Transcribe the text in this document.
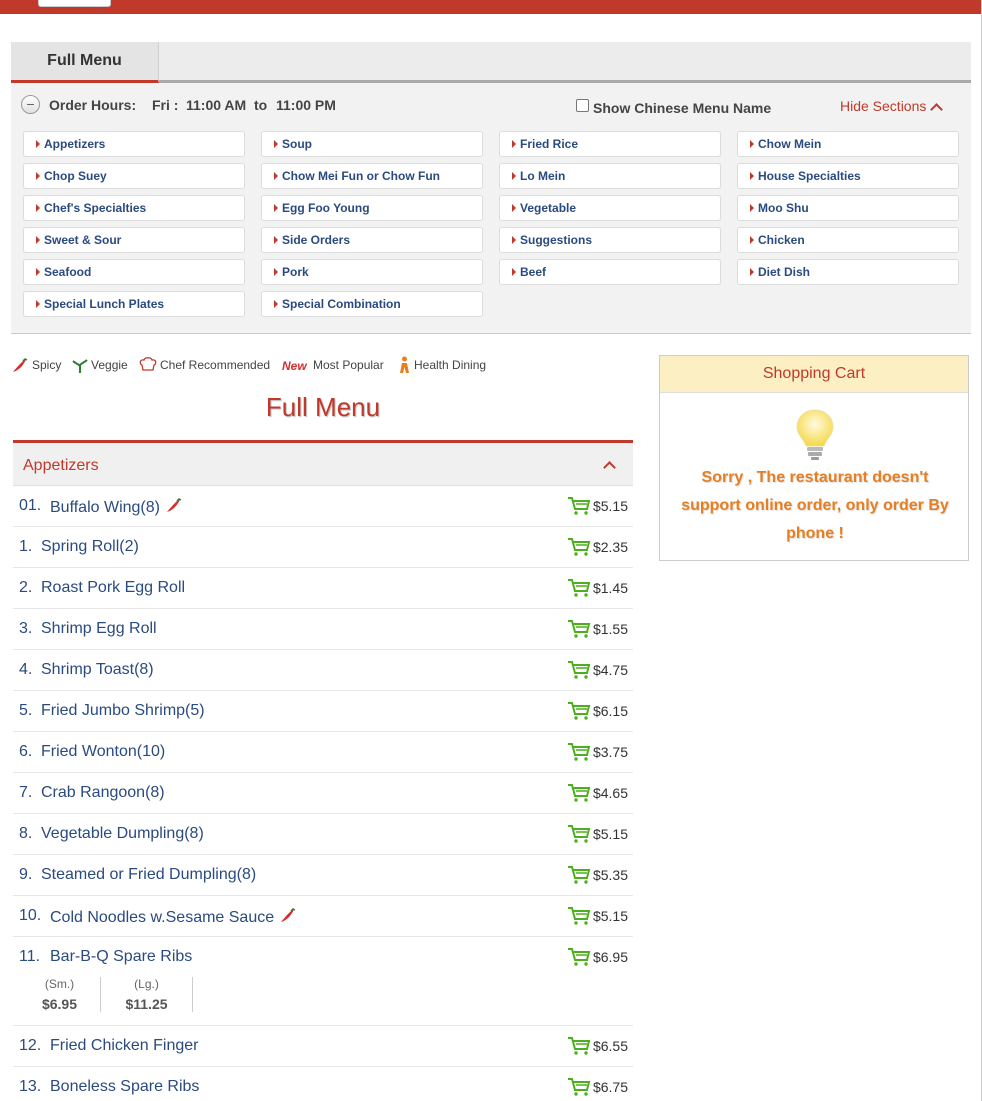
Full Menu
Order Hours: Fri : 11:00 AM to 11:00 PM	Show Chinese Menu Name	Hide Sections
Appetizers	Soup	Fried Rice	Chow Mein
Chop Suey	Chow Mei Fun or Chow Fun	Lo Mein	House Specialties
Chef's Specialties	Egg Foo Young	Vegetable	Moo Shu
Sweet & Sour	Side Orders	Suggestions	Chicken
Seafood	Pork	Beef	Diet Dish
Special Lunch Plates	Special Combination
Spicy Veggie	Chef Recommended New Most Popular	Health Dining
Full Menu
Appetizers
01. Buffalo Wing(8)	$5.15
1. Spring Roll(2)	$2.35
2. Roast Pork Egg Roll	$1.45
3. Shrimp Egg Roll	$1.55
4. Shrimp Toast(8)	$4.75
5. Fried Jumbo Shrimp(5)	$6.15
6. Fried Wonton(10)	$3.75
7. Crab Rangoon(8)	$4.65
8. Vegetable Dumpling(8)	$5.15
9. Steamed or Fried Dumpling(8)	$5.35
10. Cold Noodles w.Sesame Sauce	$5.15
11. Bar-B-Q Spare Ribs	$6.95
(Sm.)
$6.95
(Lg.)
$11.25
12. Fried Chicken Finger	$6.55
13. Boneless Spare Ribs	$6.75
Shopping Cart
Sorry , The restaurant doesn't support online order, only order By phone !
